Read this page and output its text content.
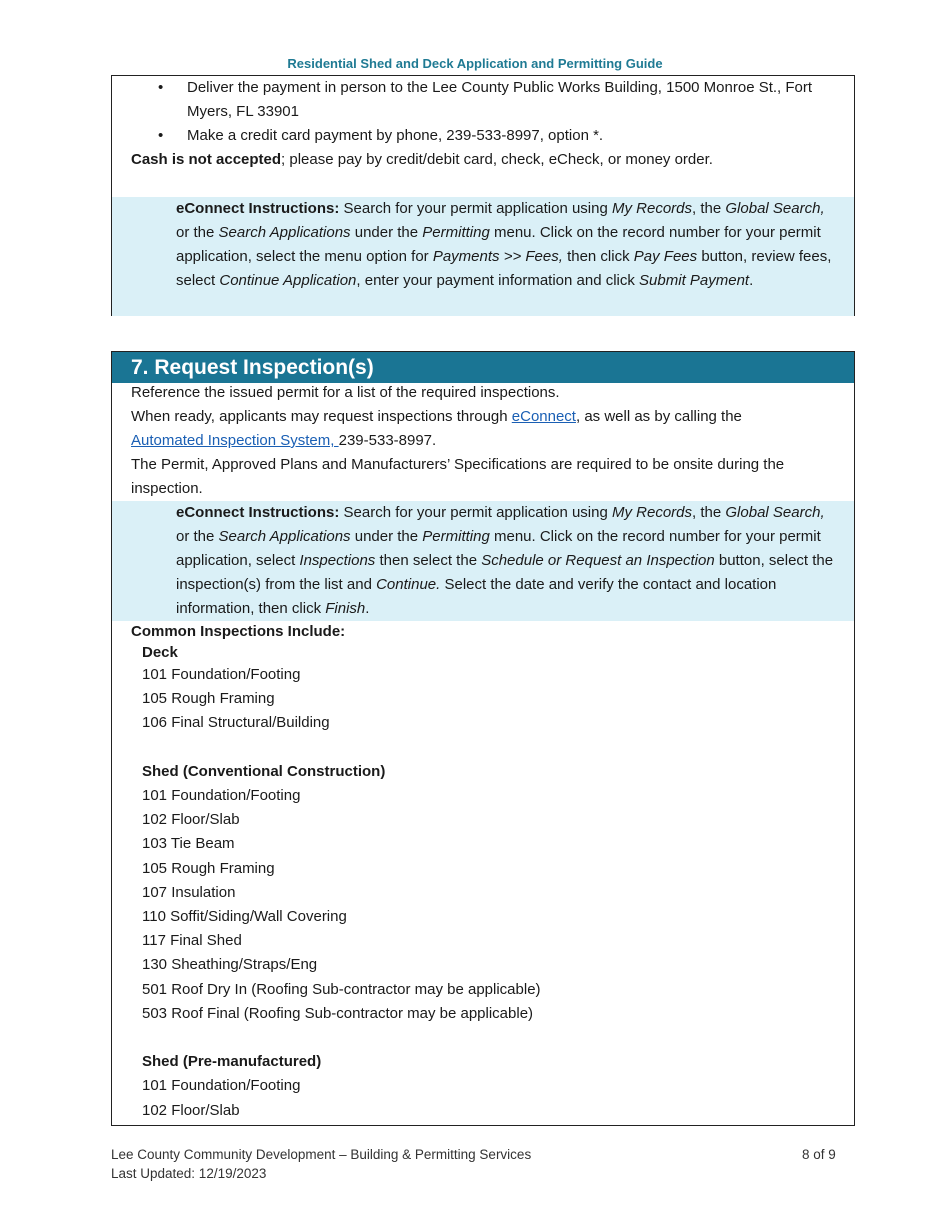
Residential Shed and Deck Application and Permitting Guide
• Deliver the payment in person to the Lee County Public Works Building, 1500 Monroe St., Fort Myers, FL 33901
• Make a credit card payment by phone, 239-533-8997, option *.
Cash is not accepted; please pay by credit/debit card, check, eCheck, or money order.
eConnect Instructions: Search for your permit application using My Records, the Global Search, or the Search Applications under the Permitting menu. Click on the record number for your permit application, select the menu option for Payments >> Fees, then click Pay Fees button, review fees, select Continue Application, enter your payment information and click Submit Payment.
7. Request Inspection(s)
Reference the issued permit for a list of the required inspections.
When ready, applicants may request inspections through eConnect, as well as by calling the
Automated Inspection System, 239-533-8997.
The Permit, Approved Plans and Manufacturers’ Specifications are required to be onsite during the inspection.
eConnect Instructions: Search for your permit application using My Records, the Global Search, or the Search Applications under the Permitting menu. Click on the record number for your permit application, select Inspections then select the Schedule or Request an Inspection button, select the inspection(s) from the list and Continue. Select the date and verify the contact and location information, then click Finish.
Common Inspections Include:
Deck
101 Foundation/Footing
105 Rough Framing
106 Final Structural/Building

Shed (Conventional Construction)
101 Foundation/Footing
102 Floor/Slab
103 Tie Beam
105 Rough Framing
107 Insulation
110 Soffit/Siding/Wall Covering
117 Final Shed
130 Sheathing/Straps/Eng
501 Roof Dry In (Roofing Sub-contractor may be applicable)
503 Roof Final (Roofing Sub-contractor may be applicable)

Shed (Pre-manufactured)
101 Foundation/Footing
102 Floor/Slab
Lee County Community Development – Building & Permitting Services
Last Updated: 12/19/2023
8 of 9
